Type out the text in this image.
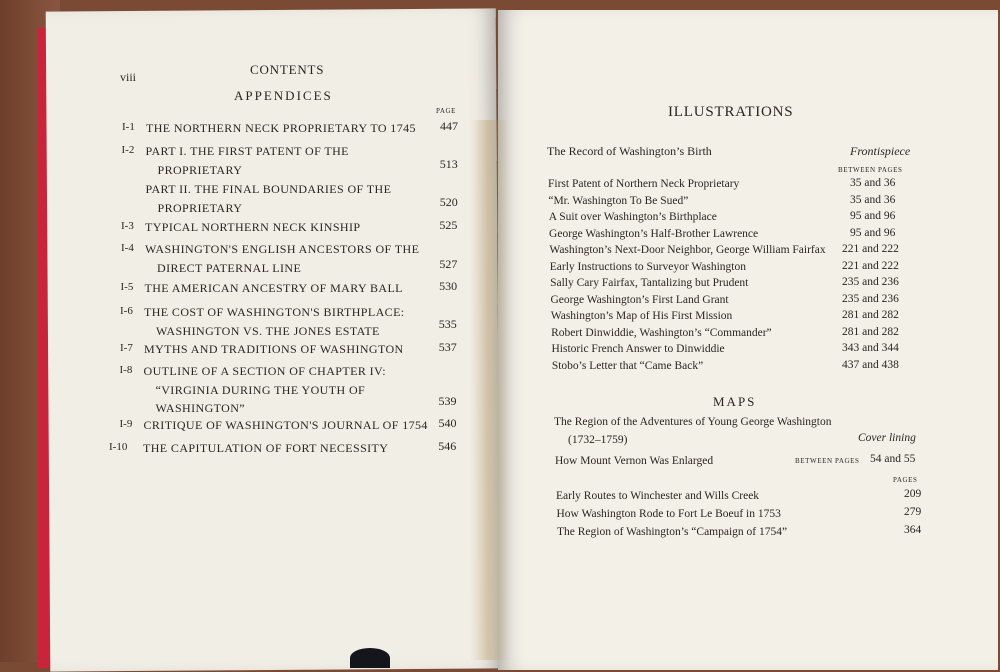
viii	CONTENTS
APPENDICES
PAGE
I-1 THE NORTHERN NECK PROPRIETARY TO 1745 447
I-2 PART I. THE FIRST PATENT OF THE
PROPRIETARY	513
PART II. THE FINAL BOUNDARIES OF THE
PROPRIETARY	520
I-3 TYPICAL NORTHERN NECK KINSHIP	525
I-4 WASHINGTON'S ENGLISH ANCESTORS OF THE
DIRECT PATERNAL LINE	527
I-5 THE AMERICAN ANCESTRY OF MARY BALL	530
I-6 THE COST OF WASHINGTON'S BIRTHPLACE:
WASHINGTON VS. THE JONES ESTATE	535
I-7 MYTHS AND TRADITIONS OF WASHINGTON	537
I-8 OUTLINE OF A SECTION OF CHAPTER IV:
“VIRGINIA DURING THE YOUTH OF
WASHINGTON”	539
I-9 CRITIQUE OF WASHINGTON'S JOURNAL OF 1754 540
I-10 THE CAPITULATION OF FORT NECESSITY	546
ILLUSTRATIONS
The Record of Washington’s Birth	Frontispiece
BETWEEN PAGES
First Patent of Northern Neck Proprietary	35 and 36
“Mr. Washington To Be Sued”	35 and 36
A Suit over Washington’s Birthplace	95 and 96
George Washington’s Half-Brother Lawrence	95 and 96
Washington’s Next-Door Neighbor, George William Fairfax 221 and 222
Early Instructions to Surveyor Washington	221 and 222
Sally Cary Fairfax, Tantalizing but Prudent	235 and 236
George Washington’s First Land Grant	235 and 236
Washington’s Map of His First Mission	281 and 282
Robert Dinwiddie, Washington’s “Commander”	281 and 282
Historic French Answer to Dinwiddie	343 and 344
Stobo’s Letter that “Came Back”	437 and 438
MAPS
The Region of the Adventures of Young George Washington
(1732–1759)	Cover lining
How Mount Vernon Was Enlarged	BETWEEN PAGES 54 and 55
PAGES
Early Routes to Winchester and Wills Creek	209
How Washington Rode to Fort Le Boeuf in 1753	279
The Region of Washington’s “Campaign of 1754”	364
